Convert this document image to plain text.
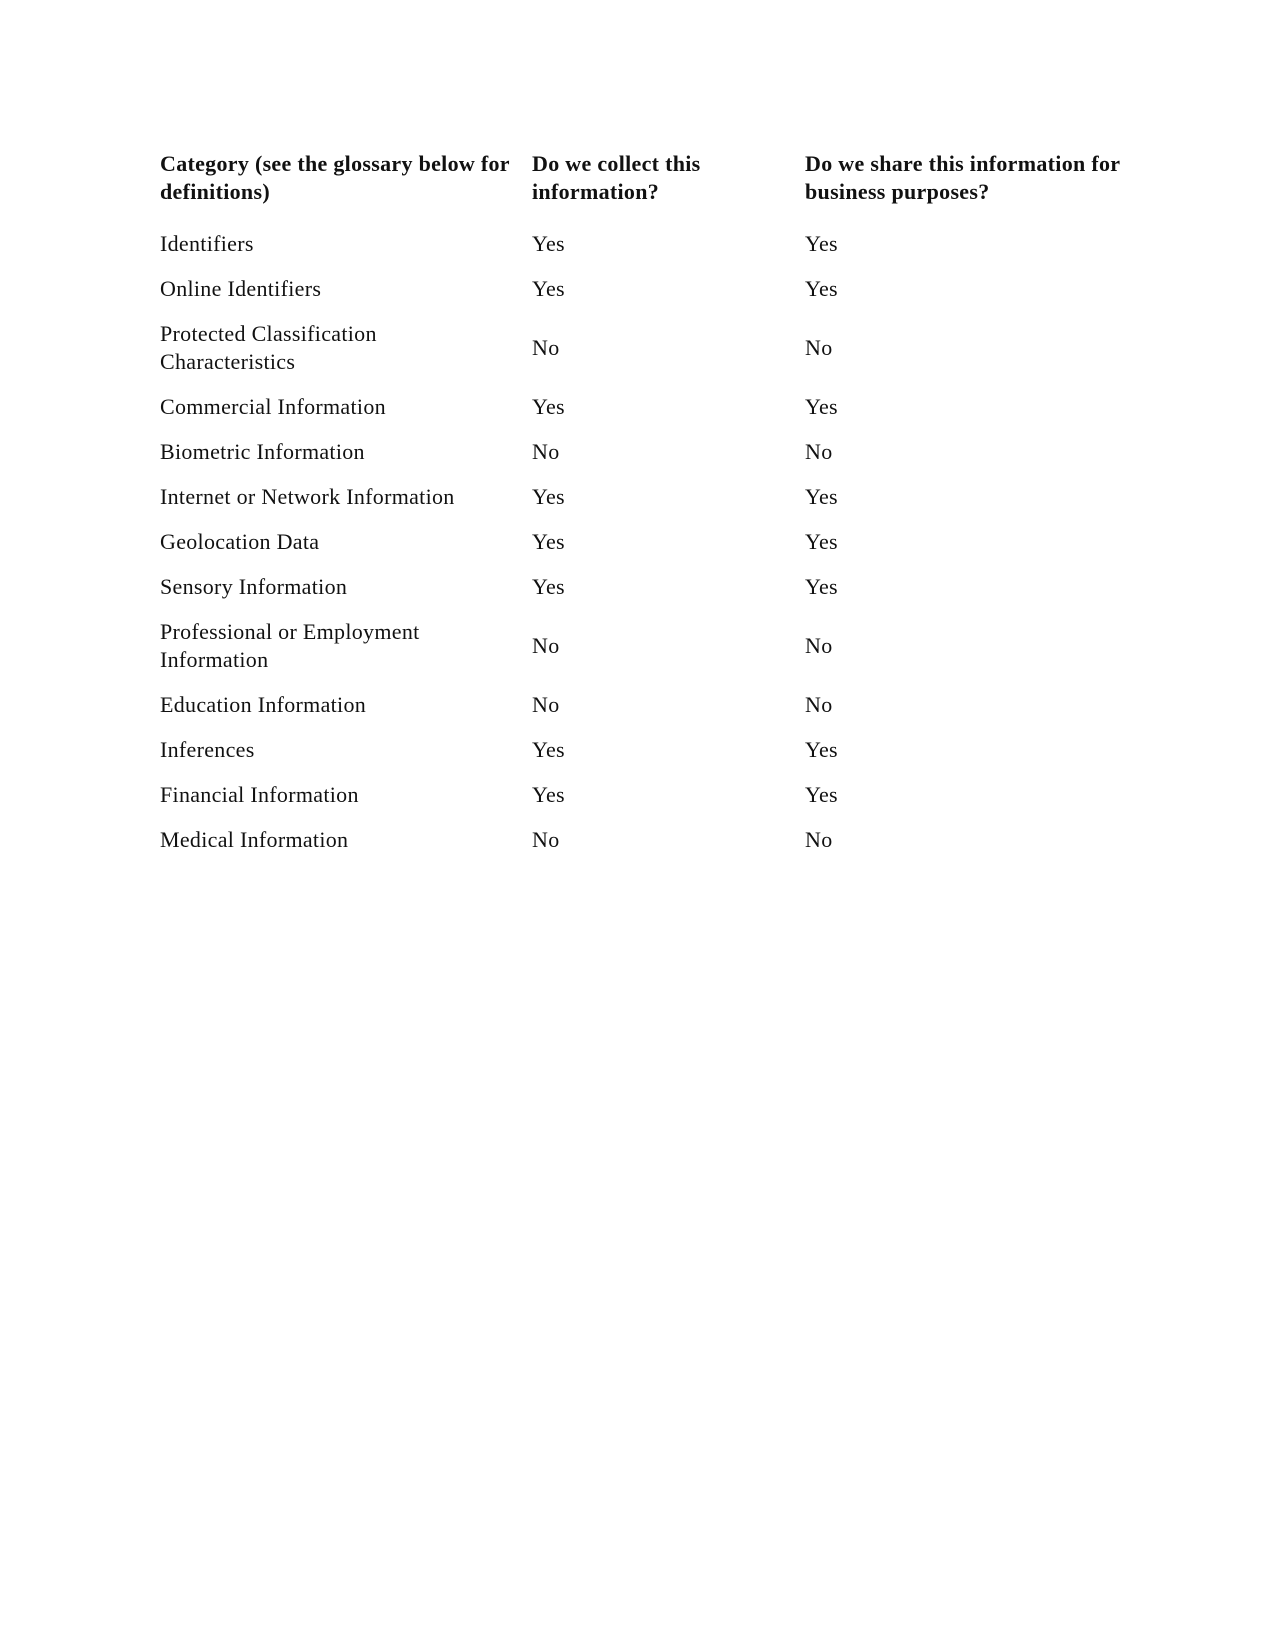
Category (see the glossary below for definitions)	Do we collect this information?	Do we share this information for business purposes?
Identifiers	Yes	Yes
Online Identifiers	Yes	Yes
Protected Classification Characteristics	No	No
Commercial Information	Yes	Yes
Biometric Information	No	No
Internet or Network Information	Yes	Yes
Geolocation Data	Yes	Yes
Sensory Information	Yes	Yes
Professional or Employment Information	No	No
Education Information	No	No
Inferences	Yes	Yes
Financial Information	Yes	Yes
Medical Information	No	No
